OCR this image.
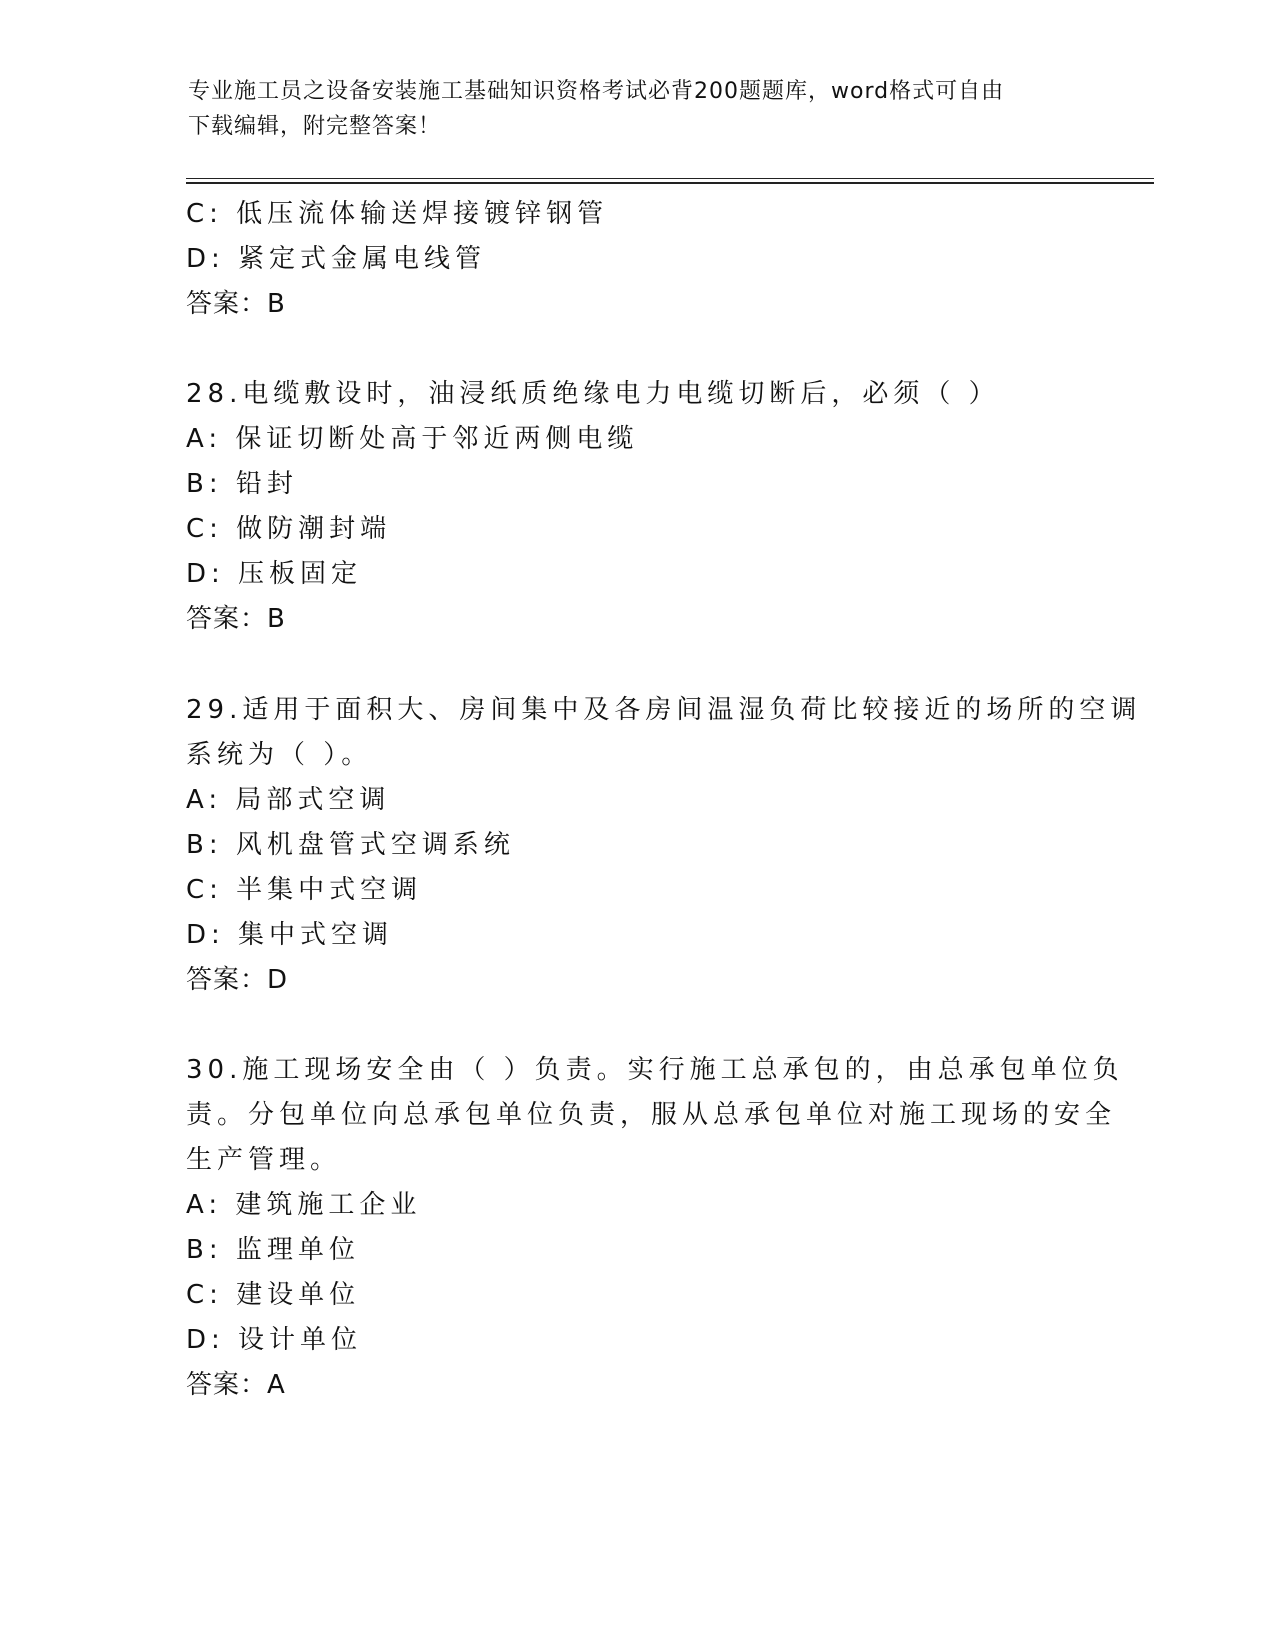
专业施工员之设备安装施工基础知识资格考试必背200题题库，word格式可自由
下载编辑，附完整答案！
C: 低压流体输送焊接镀锌钢管
D: 紧定式金属电线管
答案：B
28.电缆敷设时，油浸纸质绝缘电力电缆切断后，必须（ ）
A: 保证切断处高于邻近两侧电缆
B: 铅封
C: 做防潮封端
D: 压板固定
答案：B
29.适用于面积大、房间集中及各房间温湿负荷比较接近的场所的空调
系统为（ ）。
A: 局部式空调
B: 风机盘管式空调系统
C: 半集中式空调
D: 集中式空调
答案：D
30.施工现场安全由（ ）负责。实行施工总承包的，由总承包单位负
责。分包单位向总承包单位负责，服从总承包单位对施工现场的安全
生产管理。
A: 建筑施工企业
B: 监理单位
C: 建设单位
D: 设计单位
答案：A
